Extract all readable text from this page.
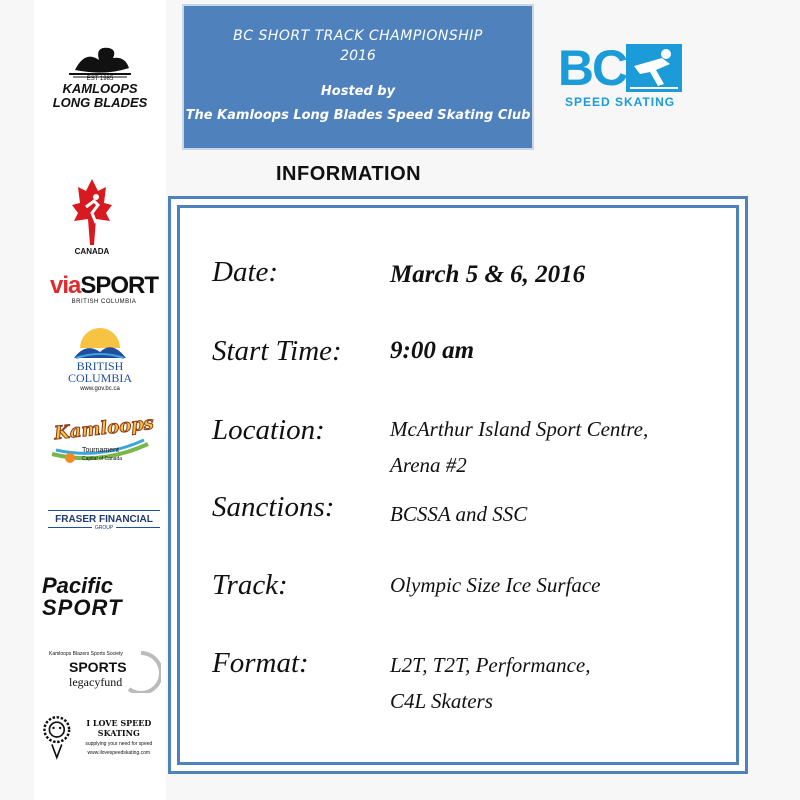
EST 1985
KAMLOOPS
LONG BLADES
BC SHORT TRACK CHAMPIONSHIP
2016
Hosted by
The Kamloops Long Blades Speed Skating Club
BC
SPEED SKATING
INFORMATION
CANADA
viaSPORT
BRITISH COLUMBIA
BRITISH
COLUMBIA
www.gov.bc.ca
Kamloops
Tournament
Capital of Canada
FRASER FINANCIAL
GROUP
Pacific
SPORT
Kamloops Blazers Sports Society
SPORTS
legacyfund
I LOVE SPEED SKATING
supplying your need for speed
www.ilovespeedskating.com
Date:	March 5 & 6, 2016
Start Time: 9:00 am
Location:	McArthur Island Sport Centre,
Arena #2
Sanctions:	BCSSA and SSC
Track:	Olympic Size Ice Surface
Format:	L2T, T2T, Performance,
C4L Skaters
